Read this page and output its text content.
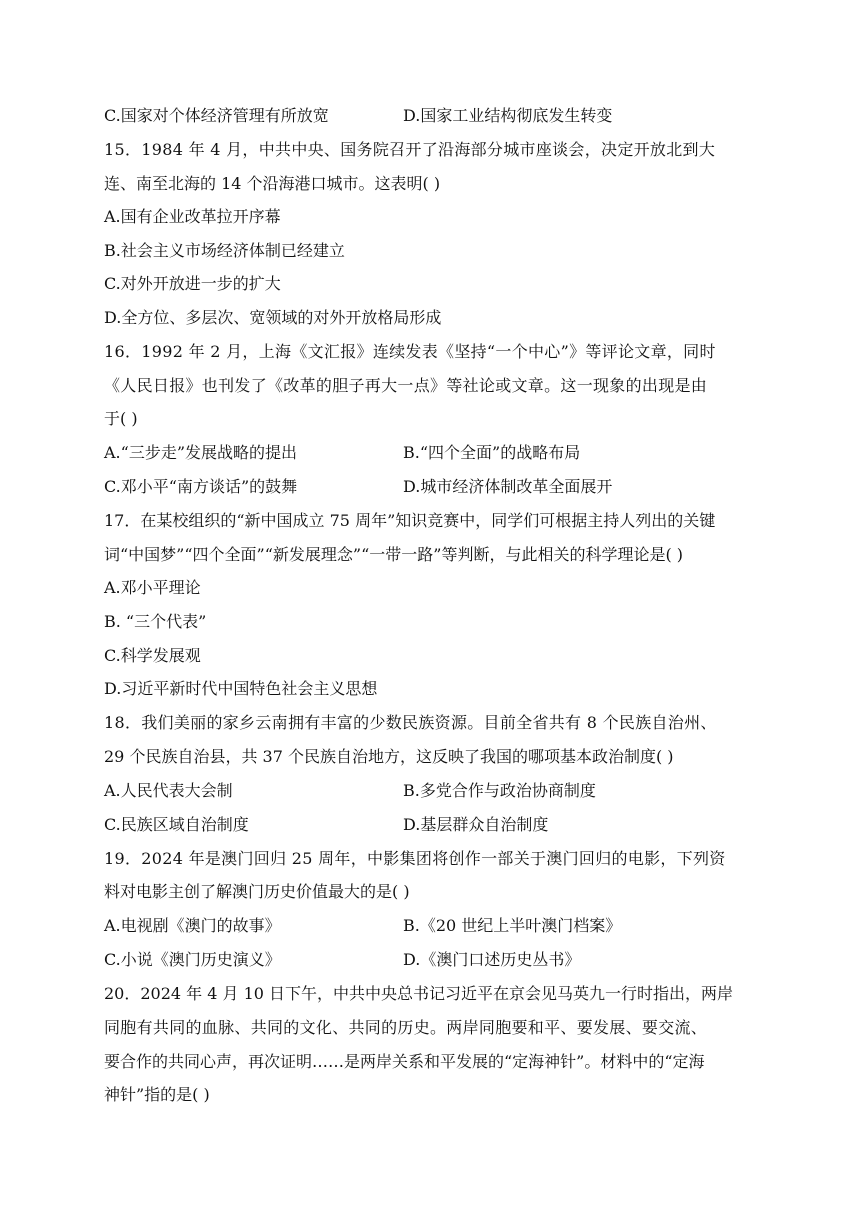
C.国家对个体经济管理有所放宽	D.国家工业结构彻底发生转变
15．1984 年 4 月，中共中央、国务院召开了沿海部分城市座谈会，决定开放北到大
连、南至北海的 14 个沿海港口城市。这表明( )
A.国有企业改革拉开序幕
B.社会主义市场经济体制已经建立
C.对外开放进一步的扩大
D.全方位、多层次、宽领域的对外开放格局形成
16．1992 年 2 月，上海《文汇报》连续发表《坚持“一个中心”》等评论文章，同时
《人民日报》也刊发了《改革的胆子再大一点》等社论或文章。这一现象的出现是由
于( )
A.“三步走”发展战略的提出	B.“四个全面”的战略布局
C.邓小平“南方谈话”的鼓舞	D.城市经济体制改革全面展开
17．在某校组织的“新中国成立 75 周年”知识竞赛中，同学们可根据主持人列出的关键
词“中国梦”“四个全面”“新发展理念”“一带一路”等判断，与此相关的科学理论是( )
A.邓小平理论
B. “三个代表”
C.科学发展观
D.习近平新时代中国特色社会主义思想
18．我们美丽的家乡云南拥有丰富的少数民族资源。目前全省共有 8 个民族自治州、
29 个民族自治县，共 37 个民族自治地方，这反映了我国的哪项基本政治制度( )
A.人民代表大会制	B.多党合作与政治协商制度
C.民族区域自治制度	D.基层群众自治制度
19．2024 年是澳门回归 25 周年，中影集团将创作一部关于澳门回归的电影，下列资
料对电影主创了解澳门历史价值最大的是( )
A.电视剧《澳门的故事》	B.《20 世纪上半叶澳门档案》
C.小说《澳门历史演义》	D.《澳门口述历史丛书》
20．2024 年 4 月 10 日下午，中共中央总书记习近平在京会见马英九一行时指出，两岸
同胞有共同的血脉、共同的文化、共同的历史。两岸同胞要和平、要发展、要交流、
要合作的共同心声，再次证明……是两岸关系和平发展的“定海神针”。材料中的“定海
神针”指的是( )
